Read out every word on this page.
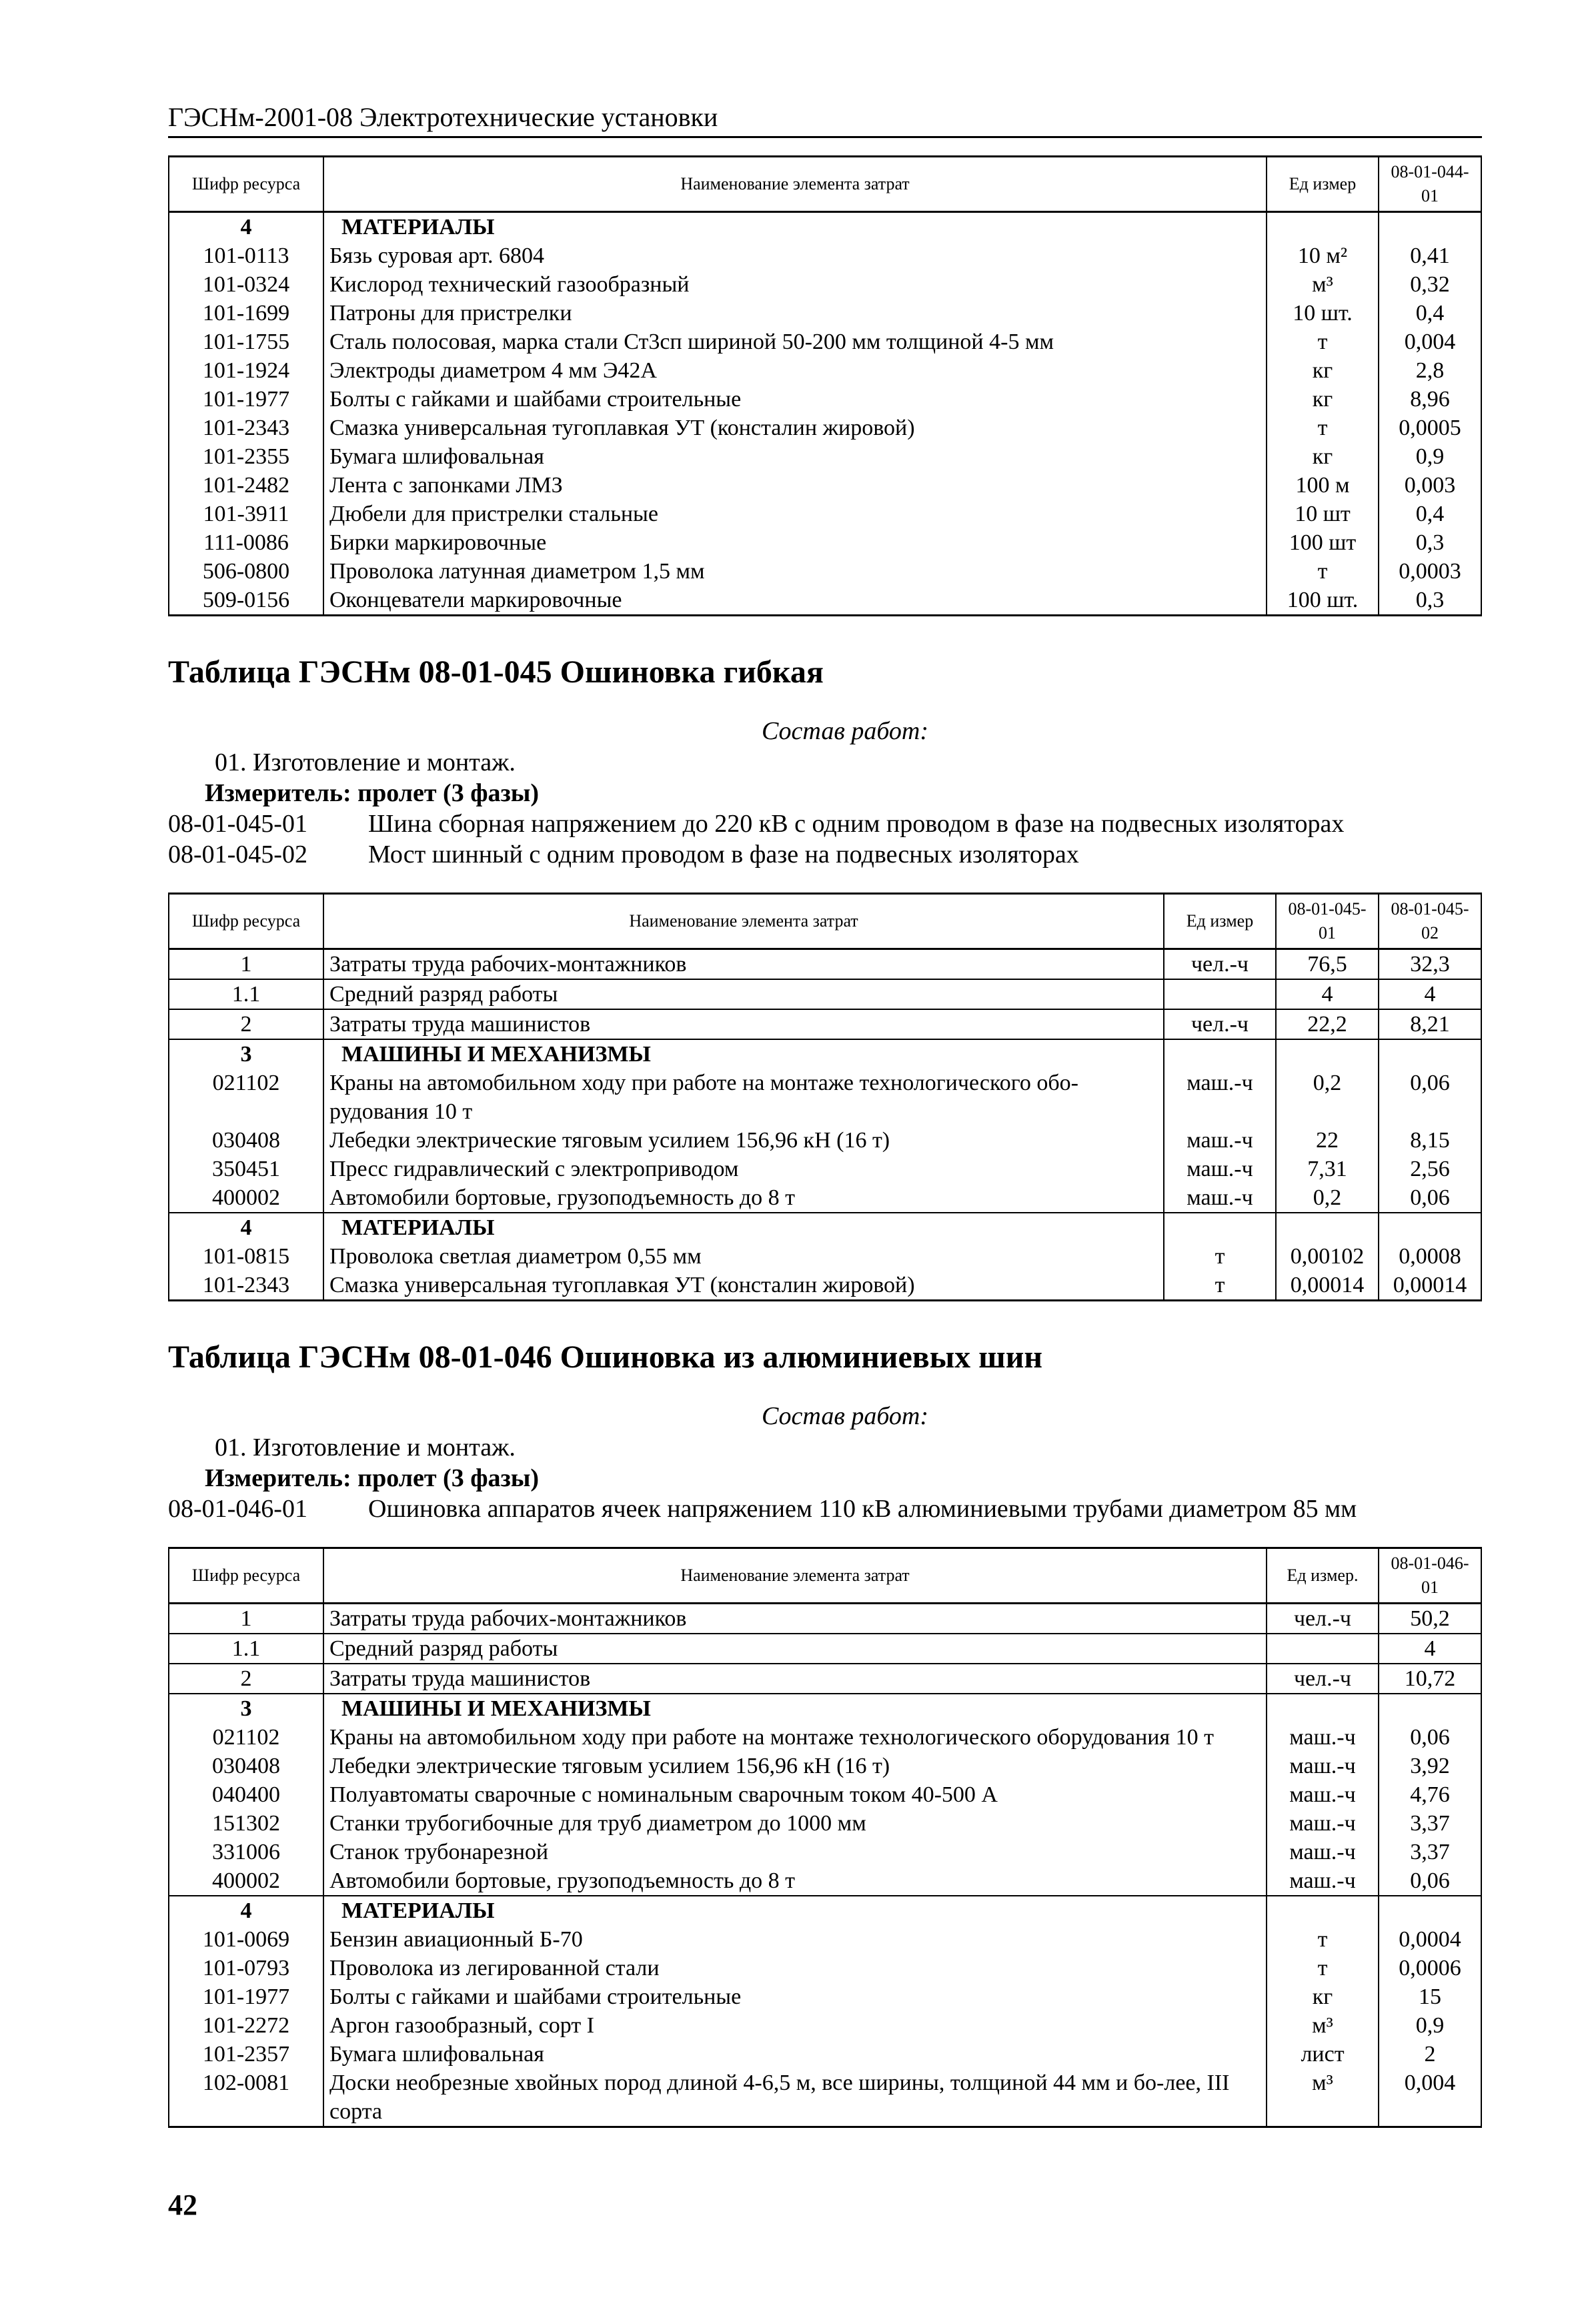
ГЭСНм-2001-08 Электротехнические установки
Шифр ресурса	Наименование элемента затрат	Ед измер	08-01-044-01
4	МАТЕРИАЛЫ		
101-0113	Бязь суровая арт. 6804	10 м²	0,41
101-0324	Кислород технический газообразный	м³	0,32
101-1699	Патроны для пристрелки	10 шт.	0,4
101-1755	Сталь полосовая, марка стали Ст3сп шириной 50-200 мм толщиной 4-5 мм	т	0,004
101-1924	Электроды диаметром 4 мм Э42А	кг	2,8
101-1977	Болты с гайками и шайбами строительные	кг	8,96
101-2343	Смазка универсальная тугоплавкая УТ (консталин жировой)	т	0,0005
101-2355	Бумага шлифовальная	кг	0,9
101-2482	Лента с запонками ЛМЗ	100 м	0,003
101-3911	Дюбели для пристрелки стальные	10 шт	0,4
111-0086	Бирки маркировочные	100 шт	0,3
506-0800	Проволока латунная диаметром 1,5 мм	т	0,0003
509-0156	Оконцеватели маркировочные	100 шт.	0,3
Таблица ГЭСНм 08-01-045 Ошиновка гибкая
Состав работ:
01. Изготовление и монтаж.
Измеритель: пролет (3 фазы)
08-01-045-01 Шина сборная напряжением до 220 кВ с одним проводом в фазе на подвесных изоляторах
08-01-045-02 Мост шинный с одним проводом в фазе на подвесных изоляторах
Шифр ресурса	Наименование элемента затрат	Ед измер	08-01-045-01	08-01-045-02
1	Затраты труда рабочих-монтажников	чел.-ч	76,5	32,3
1.1	Средний разряд работы		4	4
2	Затраты труда машинистов	чел.-ч	22,2	8,21
3	МАШИНЫ И МЕХАНИЗМЫ			
021102	Краны на автомобильном ходу при работе на монтаже технологического обо-рудования 10 т	маш.-ч	0,2	0,06
030408	Лебедки электрические тяговым усилием 156,96 кН (16 т)	маш.-ч	22	8,15
350451	Пресс гидравлический с электроприводом	маш.-ч	7,31	2,56
400002	Автомобили бортовые, грузоподъемность до 8 т	маш.-ч	0,2	0,06
4	МАТЕРИАЛЫ			
101-0815	Проволока светлая диаметром 0,55 мм	т	0,00102	0,0008
101-2343	Смазка универсальная тугоплавкая УТ (консталин жировой)	т	0,00014	0,00014
Таблица ГЭСНм 08-01-046 Ошиновка из алюминиевых шин
Состав работ:
01. Изготовление и монтаж.
Измеритель: пролет (3 фазы)
08-01-046-01 Ошиновка аппаратов ячеек напряжением 110 кВ алюминиевыми трубами диаметром 85 мм
Шифр ресурса	Наименование элемента затрат	Ед измер.	08-01-046-01
1	Затраты труда рабочих-монтажников	чел.-ч	50,2
1.1	Средний разряд работы		4
2	Затраты труда машинистов	чел.-ч	10,72
3	МАШИНЫ И МЕХАНИЗМЫ		
021102	Краны на автомобильном ходу при работе на монтаже технологического оборудования 10 т	маш.-ч	0,06
030408	Лебедки электрические тяговым усилием 156,96 кН (16 т)	маш.-ч	3,92
040400	Полуавтоматы сварочные с номинальным сварочным током 40-500 А	маш.-ч	4,76
151302	Станки трубогибочные для труб диаметром до 1000 мм	маш.-ч	3,37
331006	Станок трубонарезной	маш.-ч	3,37
400002	Автомобили бортовые, грузоподъемность до 8 т	маш.-ч	0,06
4	МАТЕРИАЛЫ		
101-0069	Бензин авиационный Б-70	т	0,0004
101-0793	Проволока из легированной стали	т	0,0006
101-1977	Болты с гайками и шайбами строительные	кг	15
101-2272	Аргон газообразный, сорт I	м³	0,9
101-2357	Бумага шлифовальная	лист	2
102-0081	Доски необрезные хвойных пород длиной 4-6,5 м, все ширины, толщиной 44 мм и бо-лее, III сорта	м³	0,004
42
